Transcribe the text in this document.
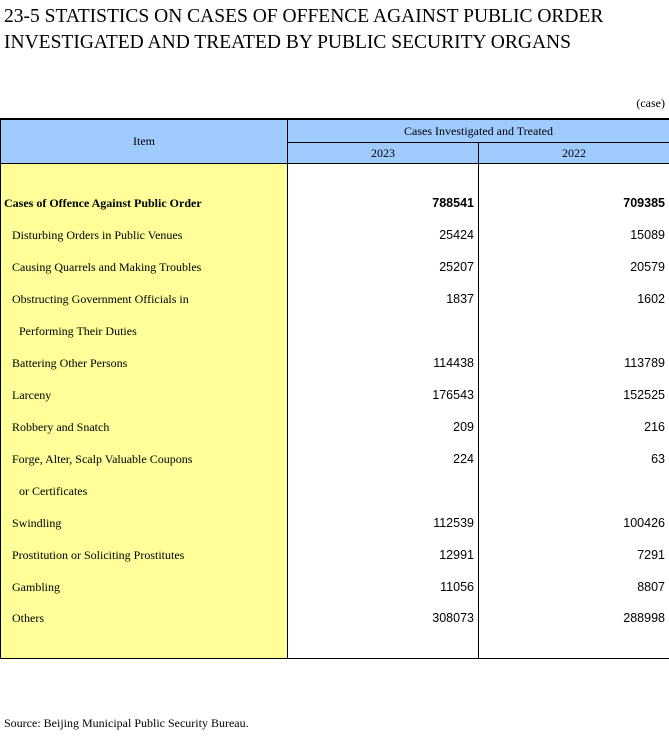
23-5 STATISTICS ON CASES OF OFFENCE AGAINST PUBLIC ORDER
INVESTIGATED AND TREATED BY PUBLIC SECURITY ORGANS
(case)
Item	Cases Investigated and Treated	
	2023	2022

Cases of Offence Against Public Order	788541	709385
Disturbing Orders in Public Venues	25424	15089
Causing Quarrels and Making Troubles	25207	20579
Obstructing Government Officials in	1837	1602
Performing Their Duties		
Battering Other Persons	114438	113789
Larceny	176543	152525
Robbery and Snatch	209	216
Forge, Alter, Scalp Valuable Coupons	224	63
or Certificates		
Swindling	112539	100426
Prostitution or Soliciting Prostitutes	12991	7291
Gambling	11056	8807
Others	308073	288998
Source: Beijing Municipal Public Security Bureau.
